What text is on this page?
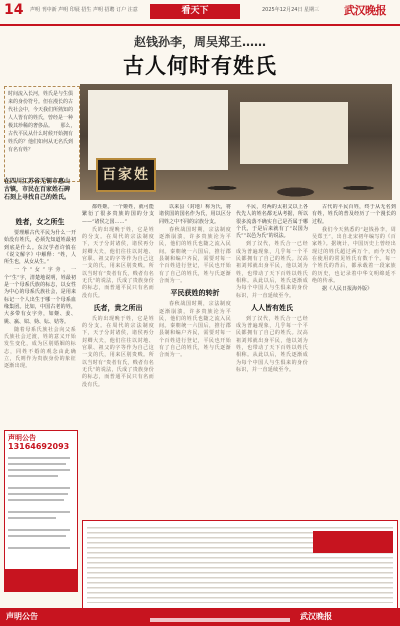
14 声明 刊中新 声明 印展 招生 声明 招聘 订户 注意	看天下	2025年12月24日 星期三 武汉晚报
赵钱孙李，周吴郑王……
古人何时有姓氏
时间流入长河，姓氏是与生俱来的身份符号。但在漫长的古代社会中，今天我们所熟知的人人皆有的姓氏，曾经是一种极其珍稀的奢侈品。　　那么，古代平民从什么时候开始拥有姓氏的？他们如何从无名氏到有名有姓？
百家姓
在四川江苏省无锡市惠山古镇，市民在百家姓石碑石刻上寻找自己的姓氏。
姓者，女之所生

要理解古代平民为什么一开始没有姓氏，必须先知道姓最初到底是什么。东汉学者许慎在《说文解字》中解释：“姓，人所生也，从女从生。”

一个“女”字旁，一个“生”字，清楚地说明，姓最初是一个母系氏族的标志，以女性为中心的母系氏族社会，是用来标记一个人出生于哪一个母系血缘集团。比如，中国古老的姓，大多带有女字旁，如姬、姜、姚、嬴、姒、妫、妘、姞等。

随着母系氏族社会向父系氏族社会过渡，姓的意义开始发生变化，成为区别婚姻的标志，同姓不婚的观念由此确立，氏则作为贵族身份的象征逐渐出现。

都姓姬。一个姬姓，就可能繁衍了很多贵族的国的分支——“诸侯之国……”

氏的出现晚于姓，它是姓的分支。在周代的宗法制度下，天子分封诸侯，诸侯再分封卿大夫，他们往往以封地、官职、祖父的字等作为自己这一支的氏，用来区别贵贱。所以当时有“贵者有氏，贱者有名无氏”的说法，氏成了贵族身份的标志，而普通平民只有名而没有氏。

氏者，贵之所出

氏的出现晚于姓，它是姓的分支。在周代的宗法制度下，天子分封诸侯，诸侯再分封卿大夫，他们往往以封地、官职、祖父的字等作为自己这一支的氏，用来区别贵贱。所以当时有“贵者有氏，贱者有名无氏”的说法，氏成了贵族身份的标志，而普通平民只有名而没有氏。

以来县（封地）称为氏，将诸侯国的国名作为氏，用以区分同姓之中不同的宗族分支。

春秋战国时期，宗法制度逐渐崩溃，许多贵族沦为平民，他们的姓氏也随之流入民间。秦朝统一六国后，推行郡县制和编户齐民，需要对每一个百姓进行登记，平民也开始有了自己的姓氏，姓与氏逐渐合而为一。

平民获姓的转折

春秋战国时期，宗法制度逐渐崩溃，许多贵族沦为平民，他们的姓氏也随之流入民间。秦朝统一六国后，推行郡县制和编户齐民，需要对每一个百姓进行登记，平民也开始有了自己的姓氏，姓与氏逐渐合而为一。

平民，对两的太祖父以上各代先人的姓名都无从考据，所以很多流落不确实自己是否属于哪个氏，于是后来就有了“以国为氏”“以邑为氏”的说法。

到了汉代，姓氏合一已经成为普遍现象，几乎每一个平民都拥有了自己的姓氏。汉高祖刘邦就出身平民，他以刘为姓，也带动了天下百姓以姓氏相称。从此以后，姓氏逐渐成为每个中国人与生俱来的身份标识，并一直延续至今。

人人皆有姓氏

到了汉代，姓氏合一已经成为普遍现象，几乎每一个平民都拥有了自己的姓氏。汉高祖刘邦就出身平民，他以刘为姓，也带动了天下百姓以姓氏相称。从此以后，姓氏逐渐成为每个中国人与生俱来的身份标识，并一直延续至今。

古代的平民百姓，终于从无名到有姓，姓氏的普及经历了一个漫长的过程。

我们今天熟悉的“赵钱孙李，周吴郑王”，出自北宋初年编写的《百家姓》。据统计，中国历史上曾经出现过的姓氏超过两万个，而今天仍在使用的常见姓氏有数千个。每一个姓氏的背后，都承载着一段家族的历史，也记录着中华文明绵延不绝的传承。

据《人民日报海外版》

声明公告
13164692093
声明公告	武汉晚报
